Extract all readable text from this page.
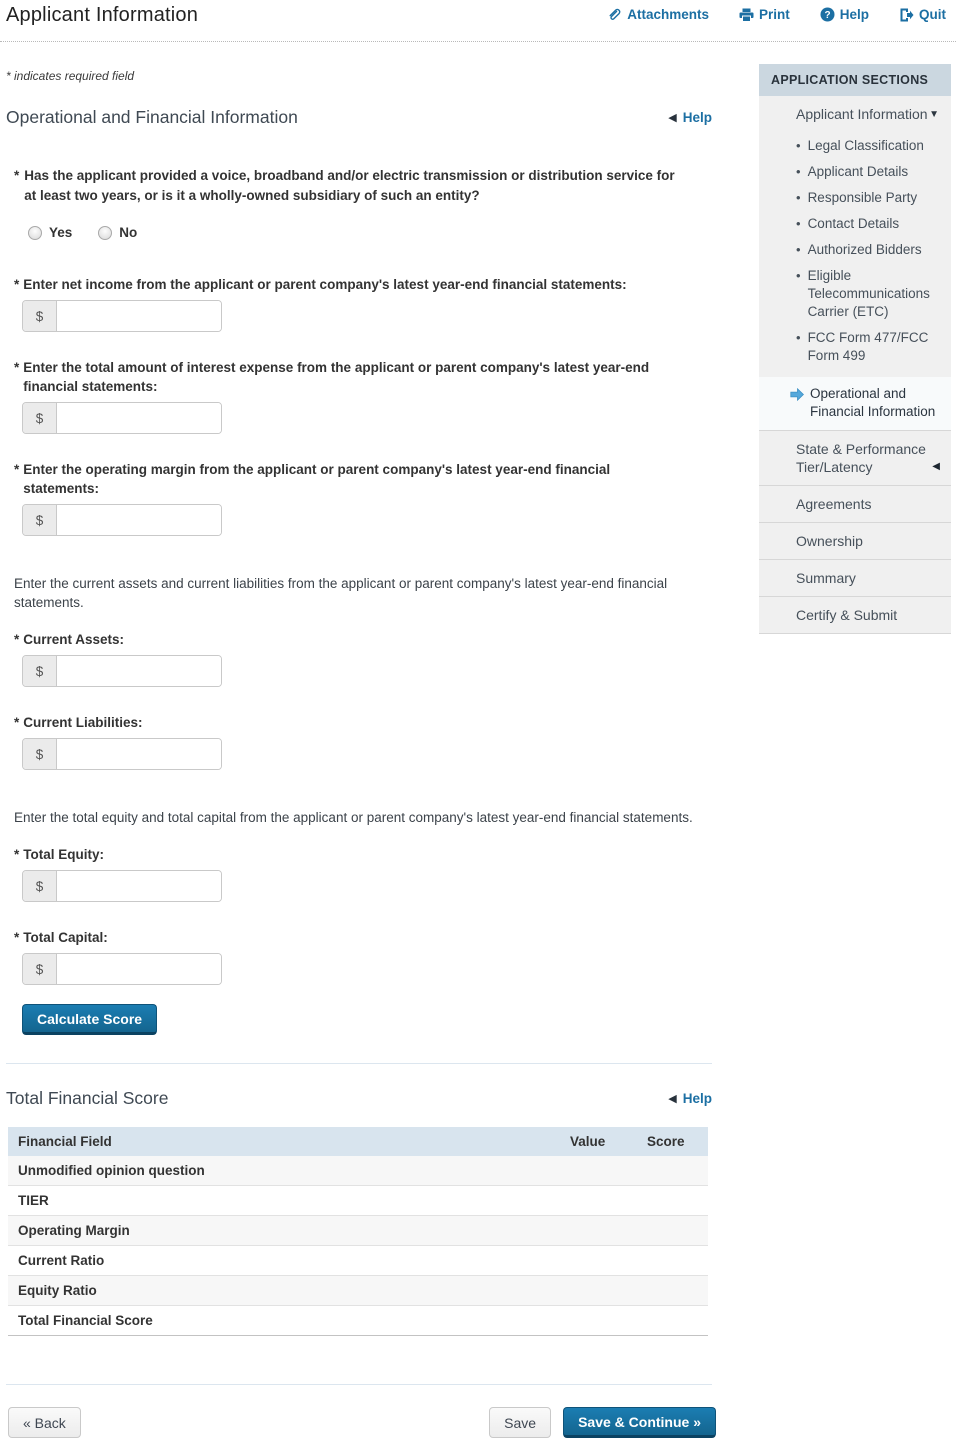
Applicant Information	Attachments	Print	? Help	Quit

* indicates required field

Operational and Financial Information	◀ Help
* Has the applicant provided a voice, broadband and/or electric transmission or distribution service for at least two years, or is it a wholly-owned subsidiary of such an entity?
Yes	No
* Enter net income from the applicant or parent company's latest year-end financial statements:
$
* Enter the total amount of interest expense from the applicant or parent company's latest year-end financial statements:
$
* Enter the operating margin from the applicant or parent company's latest year-end financial statements:
$

Enter the current assets and current liabilities from the applicant or parent company's latest year-end financial statements.

* Current Assets:
$
* Current Liabilities:
$

Enter the total equity and total capital from the applicant or parent company's latest year-end financial statements.

* Total Equity:
$
* Total Capital:
$
Calculate Score
Total Financial Score	◀ Help
Financial Field	Value	Score
Unmodified opinion question		
TIER		
Operating Margin		
Current Ratio		
Equity Ratio		
Total Financial Score		
« Back	Save	Save & Continue »
APPLICATION SECTIONS
Applicant Information ▼
• Legal Classification
• Applicant Details
• Responsible Party
• Contact Details
• Authorized Bidders
• Eligible Telecommunications Carrier (ETC)
• FCC Form 477/FCC Form 499
Operational and Financial Information
State & Performance Tier/Latency	◀
Agreements
Ownership
Summary
Certify & Submit
